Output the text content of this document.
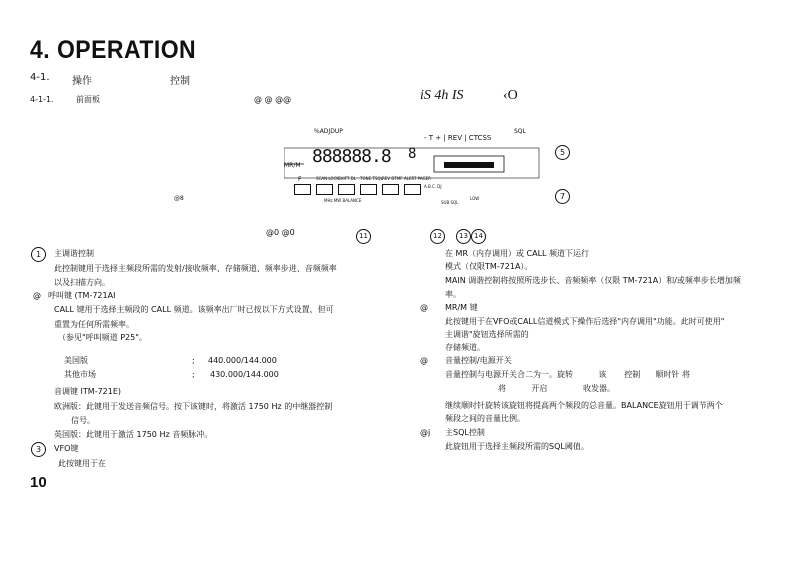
4. OPERATION
4-1. 操作	控制
4-1-1.	前面板	@ @ @@	iS 4h IS	‹O
%ADJDUP
- T + | REV | CTCSS
SQL
888888.8 8
MR/M
F	SCAN LOCK SHIFT DL TONE TSQL REV DTMF ALERT PAGER
MHz MW BALANCE
A.B.C. DJ
SUB SQL
LOW
@8
@0 @0
5
7
11	12	13 14
1	主调谐控制
此控制键用于选择主频段所需的发射/接收频率、存储频道、频率步进、音频频率
以及扫描方向。
@ 呼叫键 (TM-721AI
CALL 键用于选择主频段的 CALL 频道。该频率出厂时已按以下方式设置，但可
重置为任何所需频率。
（参见"呼叫频道 P25"。
美国版	; 440.000/144.000
其他市场	; 430.000/144.000
音调键 ITM-721E)
欧洲版：此键用于发送音频信号。按下该键时，将激活 1750 Hz 的中继器控制
信号。
英国版：此键用于激活 1750 Hz 音频脉冲。
3	VFO键
此按键用于在
在 MR（内存调用）或 CALL 频道下运行
模式（仅限TM-721A）。
MAIN 调谐控制将按照所选步长、音频频率（仅限 TM-721A）和/或频率步长增加频
率。
@ MR/M 键
此按键用于在VFO或CALL信道模式下操作后选择"内存调用"功能。此时可使用"
主调谐"旋钮选择所需的
存储频道。
@ 音量控制/电源开关
音量控制与电源开关合二为一。旋转          该       控制      顺时针 将
将          开启              收发器。
继续顺时针旋转该旋钮将提高两个频段的总音量。BALANCE旋钮用于调节两个
频段之间的音量比例。
@j 主SQL控制
此旋钮用于选择主频段所需的SQL阈值。
10
